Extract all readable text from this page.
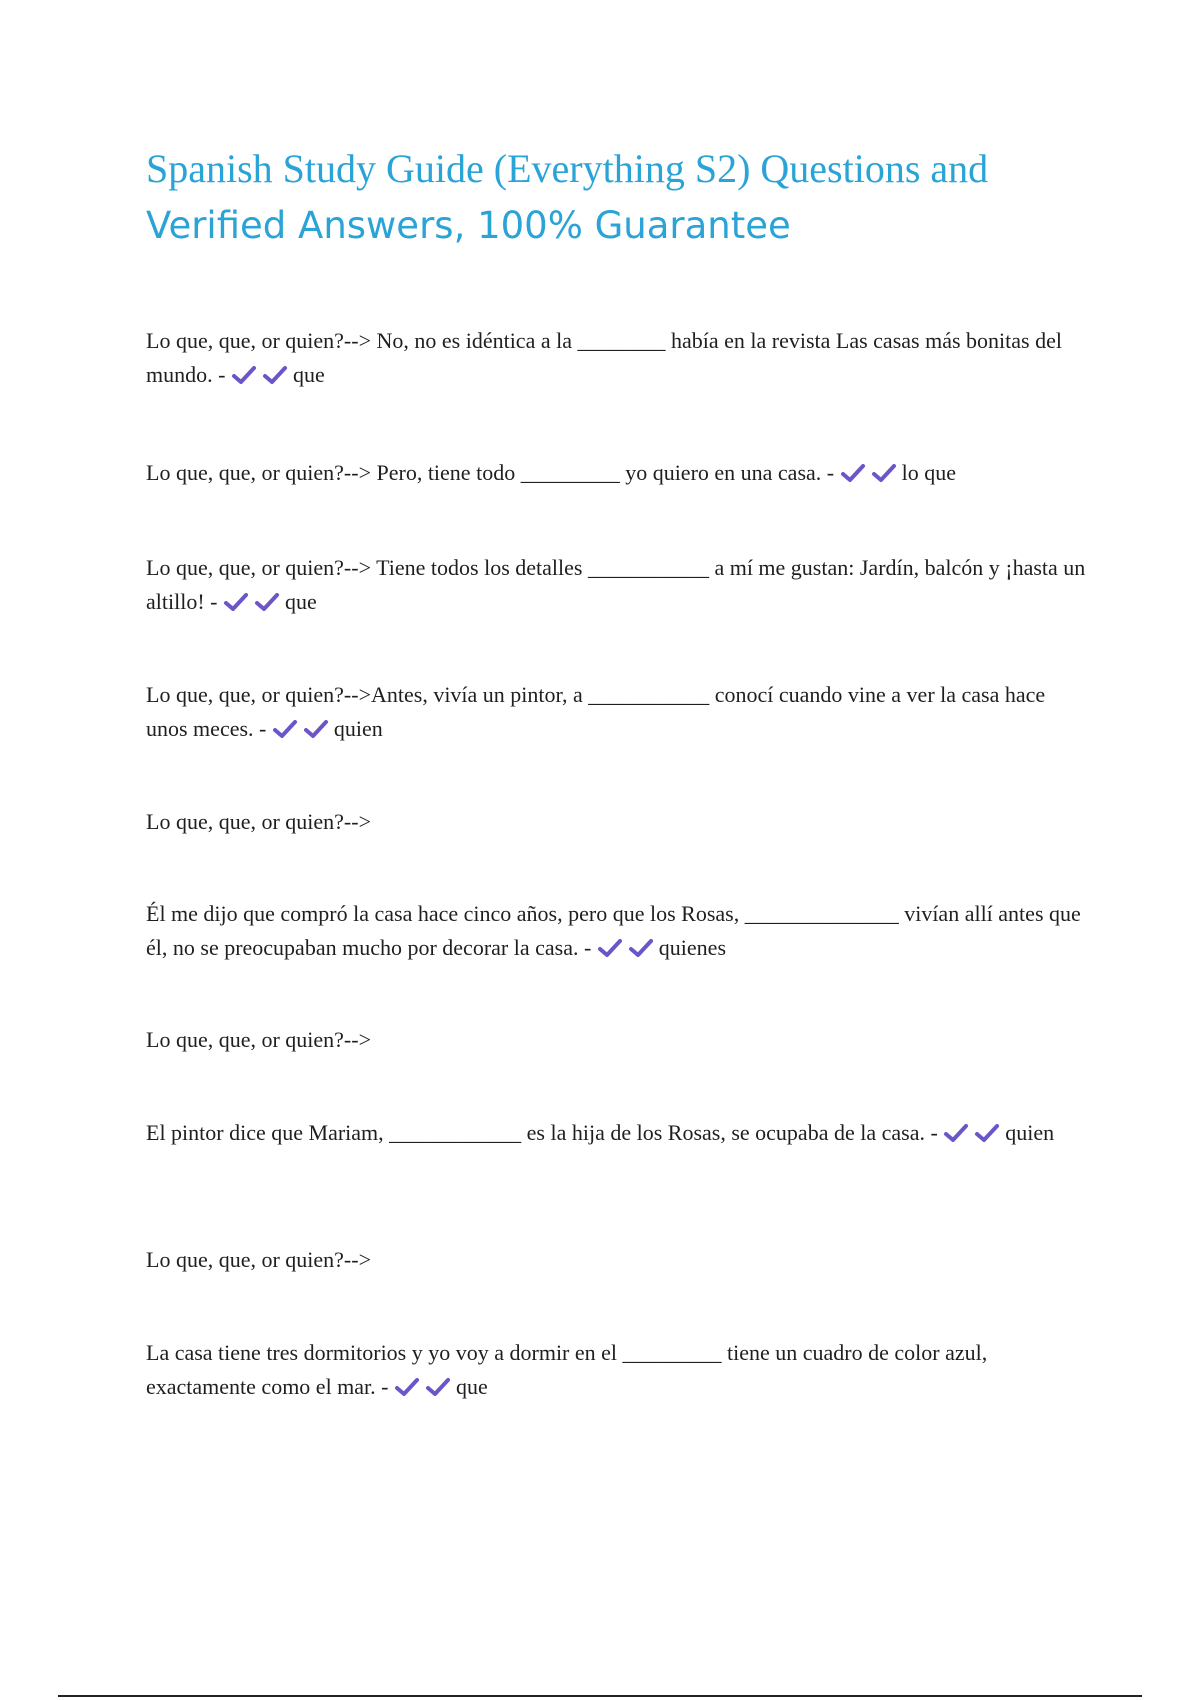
Spanish Study Guide (Everything S2) Questions and
Verified Answers, 100% Guarantee

Lo que, que, or quien?--> No, no es idéntica a la ________ había en la revista Las casas más bonitas del mundo. -	que

Lo que, que, or quien?--> Pero, tiene todo _________ yo quiero en una casa. -	lo que

Lo que, que, or quien?--> Tiene todos los detalles ___________ a mí me gustan: Jardín, balcón y ¡hasta un altillo! -	que

Lo que, que, or quien?-->Antes, vivía un pintor, a ___________ conocí cuando vine a ver la casa hace unos meces. -	quien

Lo que, que, or quien?-->

Él me dijo que compró la casa hace cinco años, pero que los Rosas, ______________ vivían allí antes que él, no se preocupaban mucho por decorar la casa. -	quienes

Lo que, que, or quien?-->

El pintor dice que Mariam, ____________ es la hija de los Rosas, se ocupaba de la casa. -	quien

Lo que, que, or quien?-->

La casa tiene tres dormitorios y yo voy a dormir en el _________ tiene un cuadro de color azul, exactamente como el mar. -	que
